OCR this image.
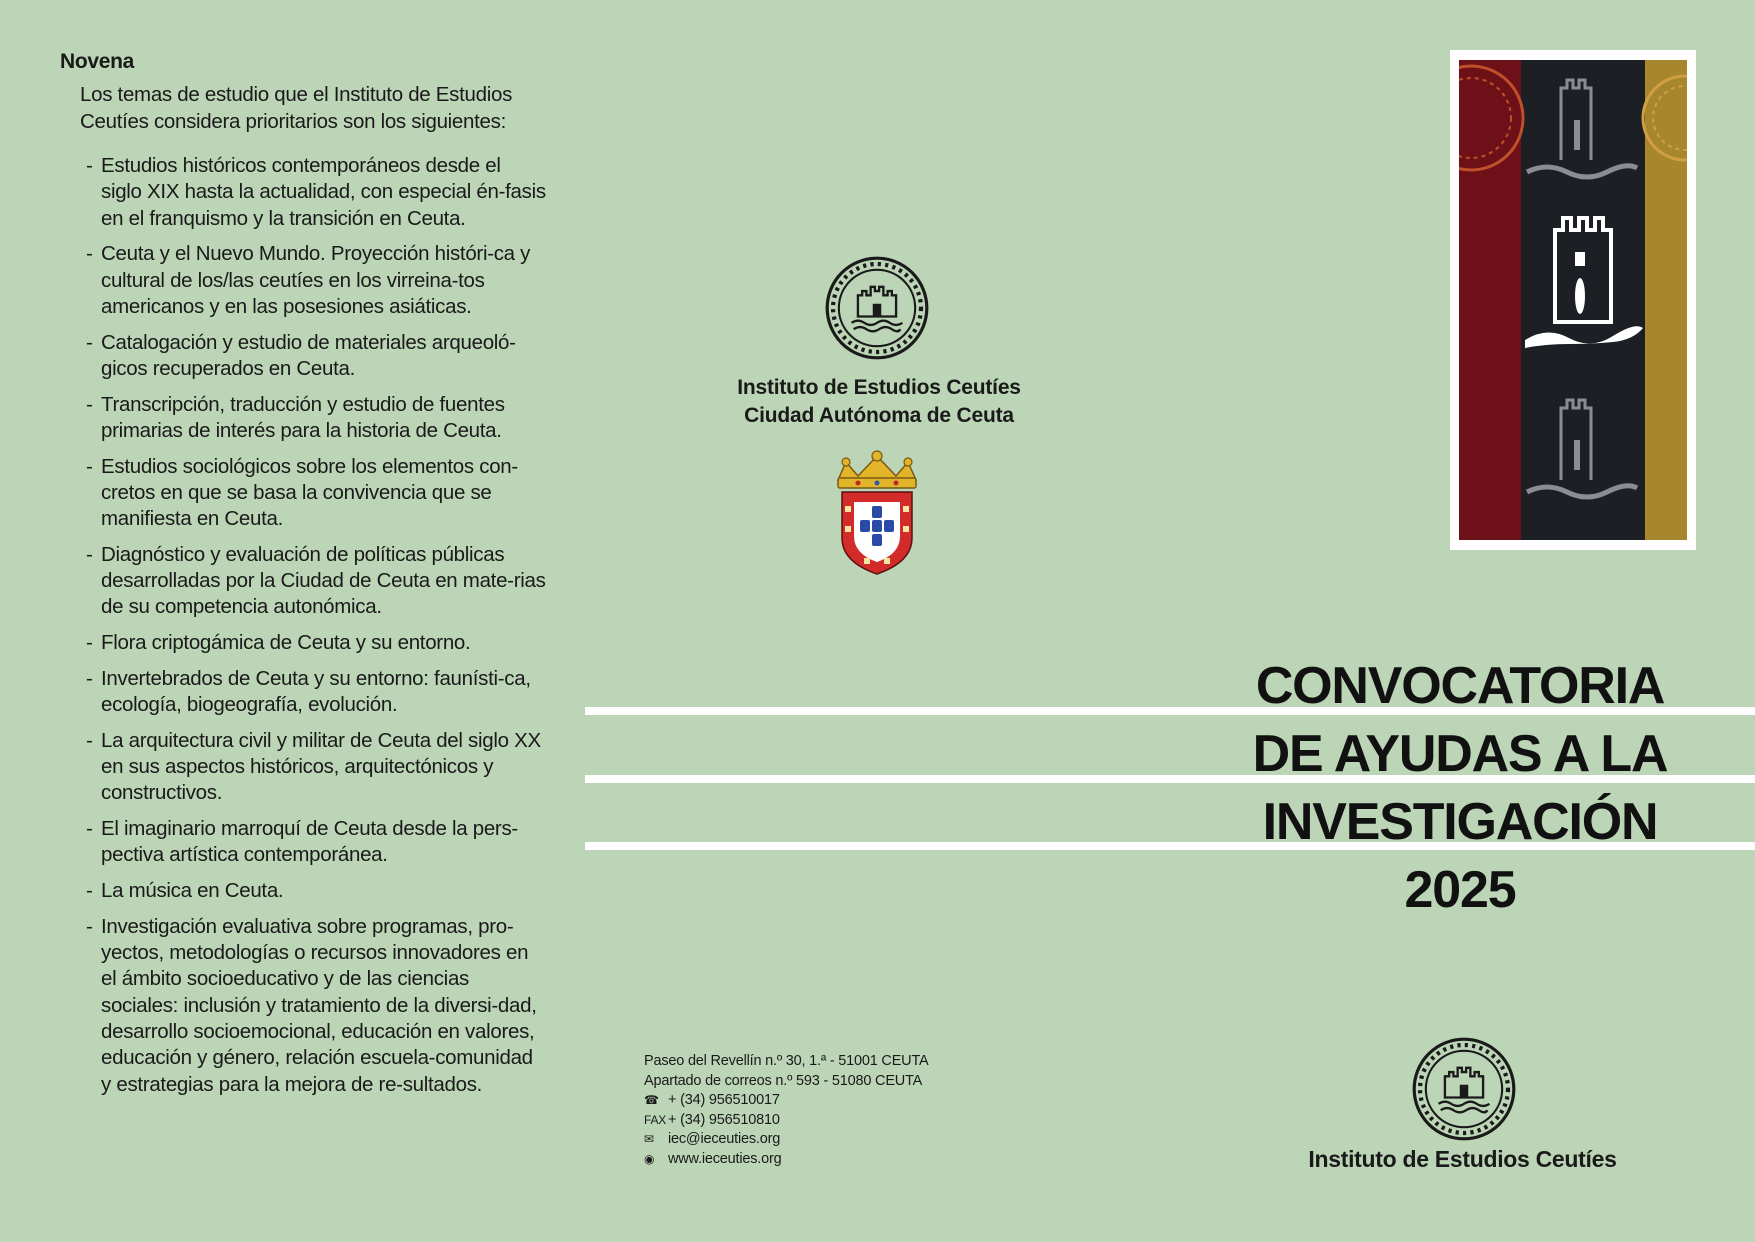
Novena
Los temas de estudio que el Instituto de Estudios Ceutíes considera prioritarios son los siguientes:
- Estudios históricos contemporáneos desde el siglo XIX hasta la actualidad, con especial én-fasis en el franquismo y la transición en Ceuta.
- Ceuta y el Nuevo Mundo. Proyección históri-ca y cultural de los/las ceutíes en los virreina-tos americanos y en las posesiones asiáticas.
- Catalogación y estudio de materiales arqueoló-gicos recuperados en Ceuta.
- Transcripción, traducción y estudio de fuentes primarias de interés para la historia de Ceuta.
- Estudios sociológicos sobre los elementos con-cretos en que se basa la convivencia que se manifiesta en Ceuta.
- Diagnóstico y evaluación de políticas públicas desarrolladas por la Ciudad de Ceuta en mate-rias de su competencia autonómica.
- Flora criptogámica de Ceuta y su entorno.
- Invertebrados de Ceuta y su entorno: faunísti-ca, ecología, biogeografía, evolución.
- La arquitectura civil y militar de Ceuta del siglo XX en sus aspectos históricos, arquitectónicos y constructivos.
- El imaginario marroquí de Ceuta desde la pers-pectiva artística contemporánea.
- La música en Ceuta.
- Investigación evaluativa sobre programas, pro-yectos, metodologías o recursos innovadores en el ámbito socioeducativo y de las ciencias sociales: inclusión y tratamiento de la diversi-dad, desarrollo socioemocional, educación en valores, educación y género, relación escuela-comunidad y estrategias para la mejora de re-sultados.
Instituto de Estudios Ceutíes
Ciudad Autónoma de Ceuta
Paseo del Revellín n.º 30, 1.ª - 51001 CEUTA
Apartado de correos n.º 593 - 51080 CEUTA
☎ + (34) 956510017
FAX + (34) 956510810
✉ iec@ieceuties.org
◉ www.ieceuties.org
CONVOCATORIA
DE AYUDAS A LA
INVESTIGACIÓN
2025
Instituto de Estudios Ceutíes
